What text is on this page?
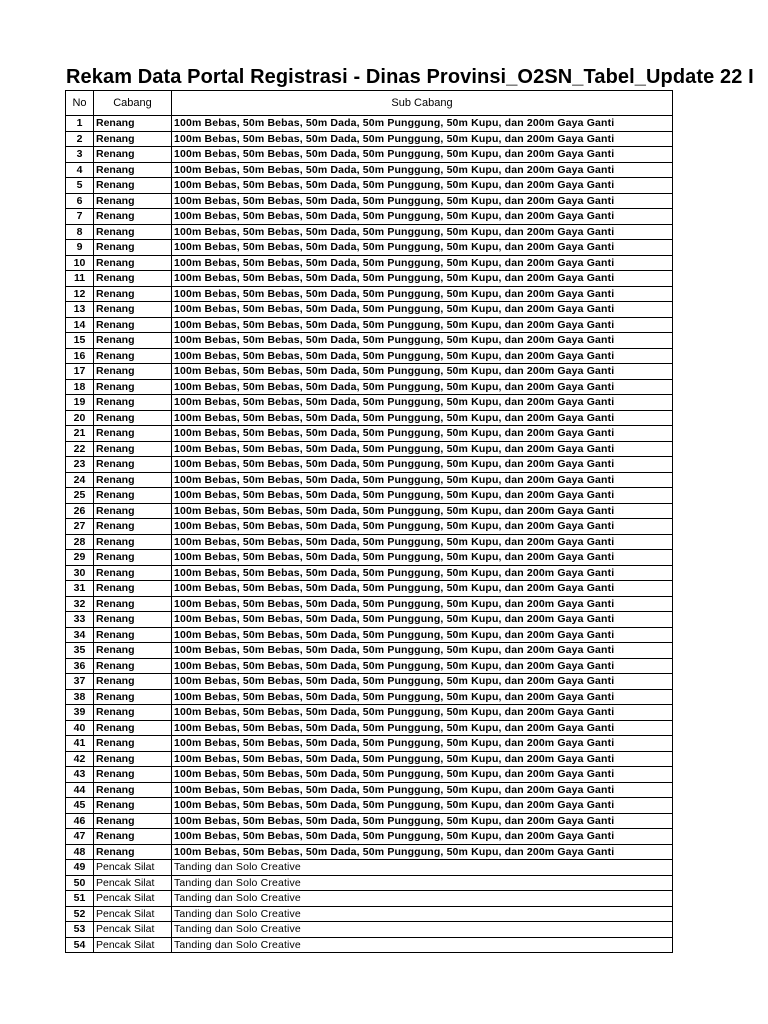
Rekam Data Portal Registrasi - Dinas Provinsi_O2SN_Tabel_Update 22 I
No	Cabang	Sub Cabang
1	Renang	100m Bebas, 50m Bebas, 50m Dada, 50m Punggung, 50m Kupu, dan 200m Gaya Ganti
2	Renang	100m Bebas, 50m Bebas, 50m Dada, 50m Punggung, 50m Kupu, dan 200m Gaya Ganti
3	Renang	100m Bebas, 50m Bebas, 50m Dada, 50m Punggung, 50m Kupu, dan 200m Gaya Ganti
4	Renang	100m Bebas, 50m Bebas, 50m Dada, 50m Punggung, 50m Kupu, dan 200m Gaya Ganti
5	Renang	100m Bebas, 50m Bebas, 50m Dada, 50m Punggung, 50m Kupu, dan 200m Gaya Ganti
6	Renang	100m Bebas, 50m Bebas, 50m Dada, 50m Punggung, 50m Kupu, dan 200m Gaya Ganti
7	Renang	100m Bebas, 50m Bebas, 50m Dada, 50m Punggung, 50m Kupu, dan 200m Gaya Ganti
8	Renang	100m Bebas, 50m Bebas, 50m Dada, 50m Punggung, 50m Kupu, dan 200m Gaya Ganti
9	Renang	100m Bebas, 50m Bebas, 50m Dada, 50m Punggung, 50m Kupu, dan 200m Gaya Ganti
10	Renang	100m Bebas, 50m Bebas, 50m Dada, 50m Punggung, 50m Kupu, dan 200m Gaya Ganti
11	Renang	100m Bebas, 50m Bebas, 50m Dada, 50m Punggung, 50m Kupu, dan 200m Gaya Ganti
12	Renang	100m Bebas, 50m Bebas, 50m Dada, 50m Punggung, 50m Kupu, dan 200m Gaya Ganti
13	Renang	100m Bebas, 50m Bebas, 50m Dada, 50m Punggung, 50m Kupu, dan 200m Gaya Ganti
14	Renang	100m Bebas, 50m Bebas, 50m Dada, 50m Punggung, 50m Kupu, dan 200m Gaya Ganti
15	Renang	100m Bebas, 50m Bebas, 50m Dada, 50m Punggung, 50m Kupu, dan 200m Gaya Ganti
16	Renang	100m Bebas, 50m Bebas, 50m Dada, 50m Punggung, 50m Kupu, dan 200m Gaya Ganti
17	Renang	100m Bebas, 50m Bebas, 50m Dada, 50m Punggung, 50m Kupu, dan 200m Gaya Ganti
18	Renang	100m Bebas, 50m Bebas, 50m Dada, 50m Punggung, 50m Kupu, dan 200m Gaya Ganti
19	Renang	100m Bebas, 50m Bebas, 50m Dada, 50m Punggung, 50m Kupu, dan 200m Gaya Ganti
20	Renang	100m Bebas, 50m Bebas, 50m Dada, 50m Punggung, 50m Kupu, dan 200m Gaya Ganti
21	Renang	100m Bebas, 50m Bebas, 50m Dada, 50m Punggung, 50m Kupu, dan 200m Gaya Ganti
22	Renang	100m Bebas, 50m Bebas, 50m Dada, 50m Punggung, 50m Kupu, dan 200m Gaya Ganti
23	Renang	100m Bebas, 50m Bebas, 50m Dada, 50m Punggung, 50m Kupu, dan 200m Gaya Ganti
24	Renang	100m Bebas, 50m Bebas, 50m Dada, 50m Punggung, 50m Kupu, dan 200m Gaya Ganti
25	Renang	100m Bebas, 50m Bebas, 50m Dada, 50m Punggung, 50m Kupu, dan 200m Gaya Ganti
26	Renang	100m Bebas, 50m Bebas, 50m Dada, 50m Punggung, 50m Kupu, dan 200m Gaya Ganti
27	Renang	100m Bebas, 50m Bebas, 50m Dada, 50m Punggung, 50m Kupu, dan 200m Gaya Ganti
28	Renang	100m Bebas, 50m Bebas, 50m Dada, 50m Punggung, 50m Kupu, dan 200m Gaya Ganti
29	Renang	100m Bebas, 50m Bebas, 50m Dada, 50m Punggung, 50m Kupu, dan 200m Gaya Ganti
30	Renang	100m Bebas, 50m Bebas, 50m Dada, 50m Punggung, 50m Kupu, dan 200m Gaya Ganti
31	Renang	100m Bebas, 50m Bebas, 50m Dada, 50m Punggung, 50m Kupu, dan 200m Gaya Ganti
32	Renang	100m Bebas, 50m Bebas, 50m Dada, 50m Punggung, 50m Kupu, dan 200m Gaya Ganti
33	Renang	100m Bebas, 50m Bebas, 50m Dada, 50m Punggung, 50m Kupu, dan 200m Gaya Ganti
34	Renang	100m Bebas, 50m Bebas, 50m Dada, 50m Punggung, 50m Kupu, dan 200m Gaya Ganti
35	Renang	100m Bebas, 50m Bebas, 50m Dada, 50m Punggung, 50m Kupu, dan 200m Gaya Ganti
36	Renang	100m Bebas, 50m Bebas, 50m Dada, 50m Punggung, 50m Kupu, dan 200m Gaya Ganti
37	Renang	100m Bebas, 50m Bebas, 50m Dada, 50m Punggung, 50m Kupu, dan 200m Gaya Ganti
38	Renang	100m Bebas, 50m Bebas, 50m Dada, 50m Punggung, 50m Kupu, dan 200m Gaya Ganti
39	Renang	100m Bebas, 50m Bebas, 50m Dada, 50m Punggung, 50m Kupu, dan 200m Gaya Ganti
40	Renang	100m Bebas, 50m Bebas, 50m Dada, 50m Punggung, 50m Kupu, dan 200m Gaya Ganti
41	Renang	100m Bebas, 50m Bebas, 50m Dada, 50m Punggung, 50m Kupu, dan 200m Gaya Ganti
42	Renang	100m Bebas, 50m Bebas, 50m Dada, 50m Punggung, 50m Kupu, dan 200m Gaya Ganti
43	Renang	100m Bebas, 50m Bebas, 50m Dada, 50m Punggung, 50m Kupu, dan 200m Gaya Ganti
44	Renang	100m Bebas, 50m Bebas, 50m Dada, 50m Punggung, 50m Kupu, dan 200m Gaya Ganti
45	Renang	100m Bebas, 50m Bebas, 50m Dada, 50m Punggung, 50m Kupu, dan 200m Gaya Ganti
46	Renang	100m Bebas, 50m Bebas, 50m Dada, 50m Punggung, 50m Kupu, dan 200m Gaya Ganti
47	Renang	100m Bebas, 50m Bebas, 50m Dada, 50m Punggung, 50m Kupu, dan 200m Gaya Ganti
48	Renang	100m Bebas, 50m Bebas, 50m Dada, 50m Punggung, 50m Kupu, dan 200m Gaya Ganti
49	Pencak Silat	Tanding dan Solo Creative
50	Pencak Silat	Tanding dan Solo Creative
51	Pencak Silat	Tanding dan Solo Creative
52	Pencak Silat	Tanding dan Solo Creative
53	Pencak Silat	Tanding dan Solo Creative
54	Pencak Silat	Tanding dan Solo Creative
